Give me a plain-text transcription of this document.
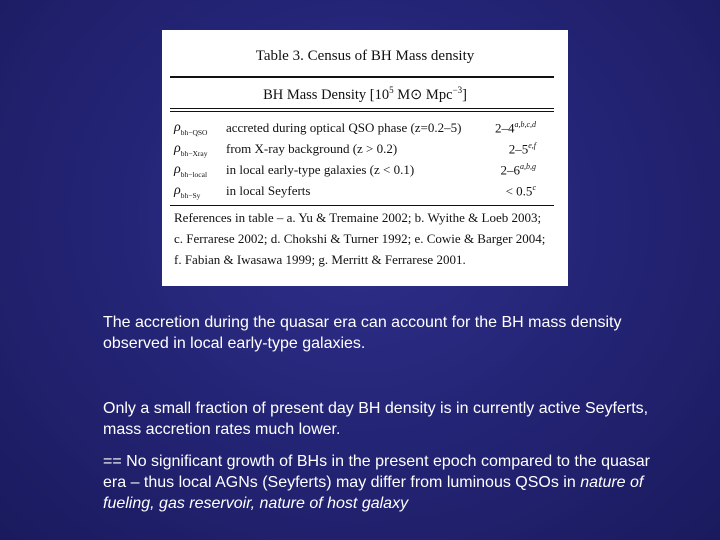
Table 3. Census of BH Mass density
BH Mass Density [$10^5$ M⊙ Mpc$^{-3}$]
$\rho_{bh-QSO}$ accreted during optical QSO phase (z=0.2–5)	2–4$^{a,b,c,d}$
$\rho_{bh-Xray}$ from X-ray background (z > 0.2)	2–5$^{e,f}$
$\rho_{bh-local}$ in local early-type galaxies (z < 0.1)	2–6$^{a,b,g}$
$\rho_{bh-Sy}$ in local Seyferts	< 0.5$^c$
References in table – a. Yu & Tremaine 2002; b. Wyithe & Loeb 2003;
c. Ferrarese 2002; d. Chokshi & Turner 1992; e. Cowie & Barger 2004;
f. Fabian & Iwasawa 1999; g. Merritt & Ferrarese 2001.
The accretion during the quasar era can account for the BH mass density observed in local early-type galaxies.
Only a small fraction of present day BH density is in currently active Seyferts, mass accretion rates much lower.
== No significant growth of BHs in the present epoch compared to the quasar era – thus local AGNs (Seyferts) may differ from luminous QSOs in nature of fueling, gas reservoir, nature of host galaxy
